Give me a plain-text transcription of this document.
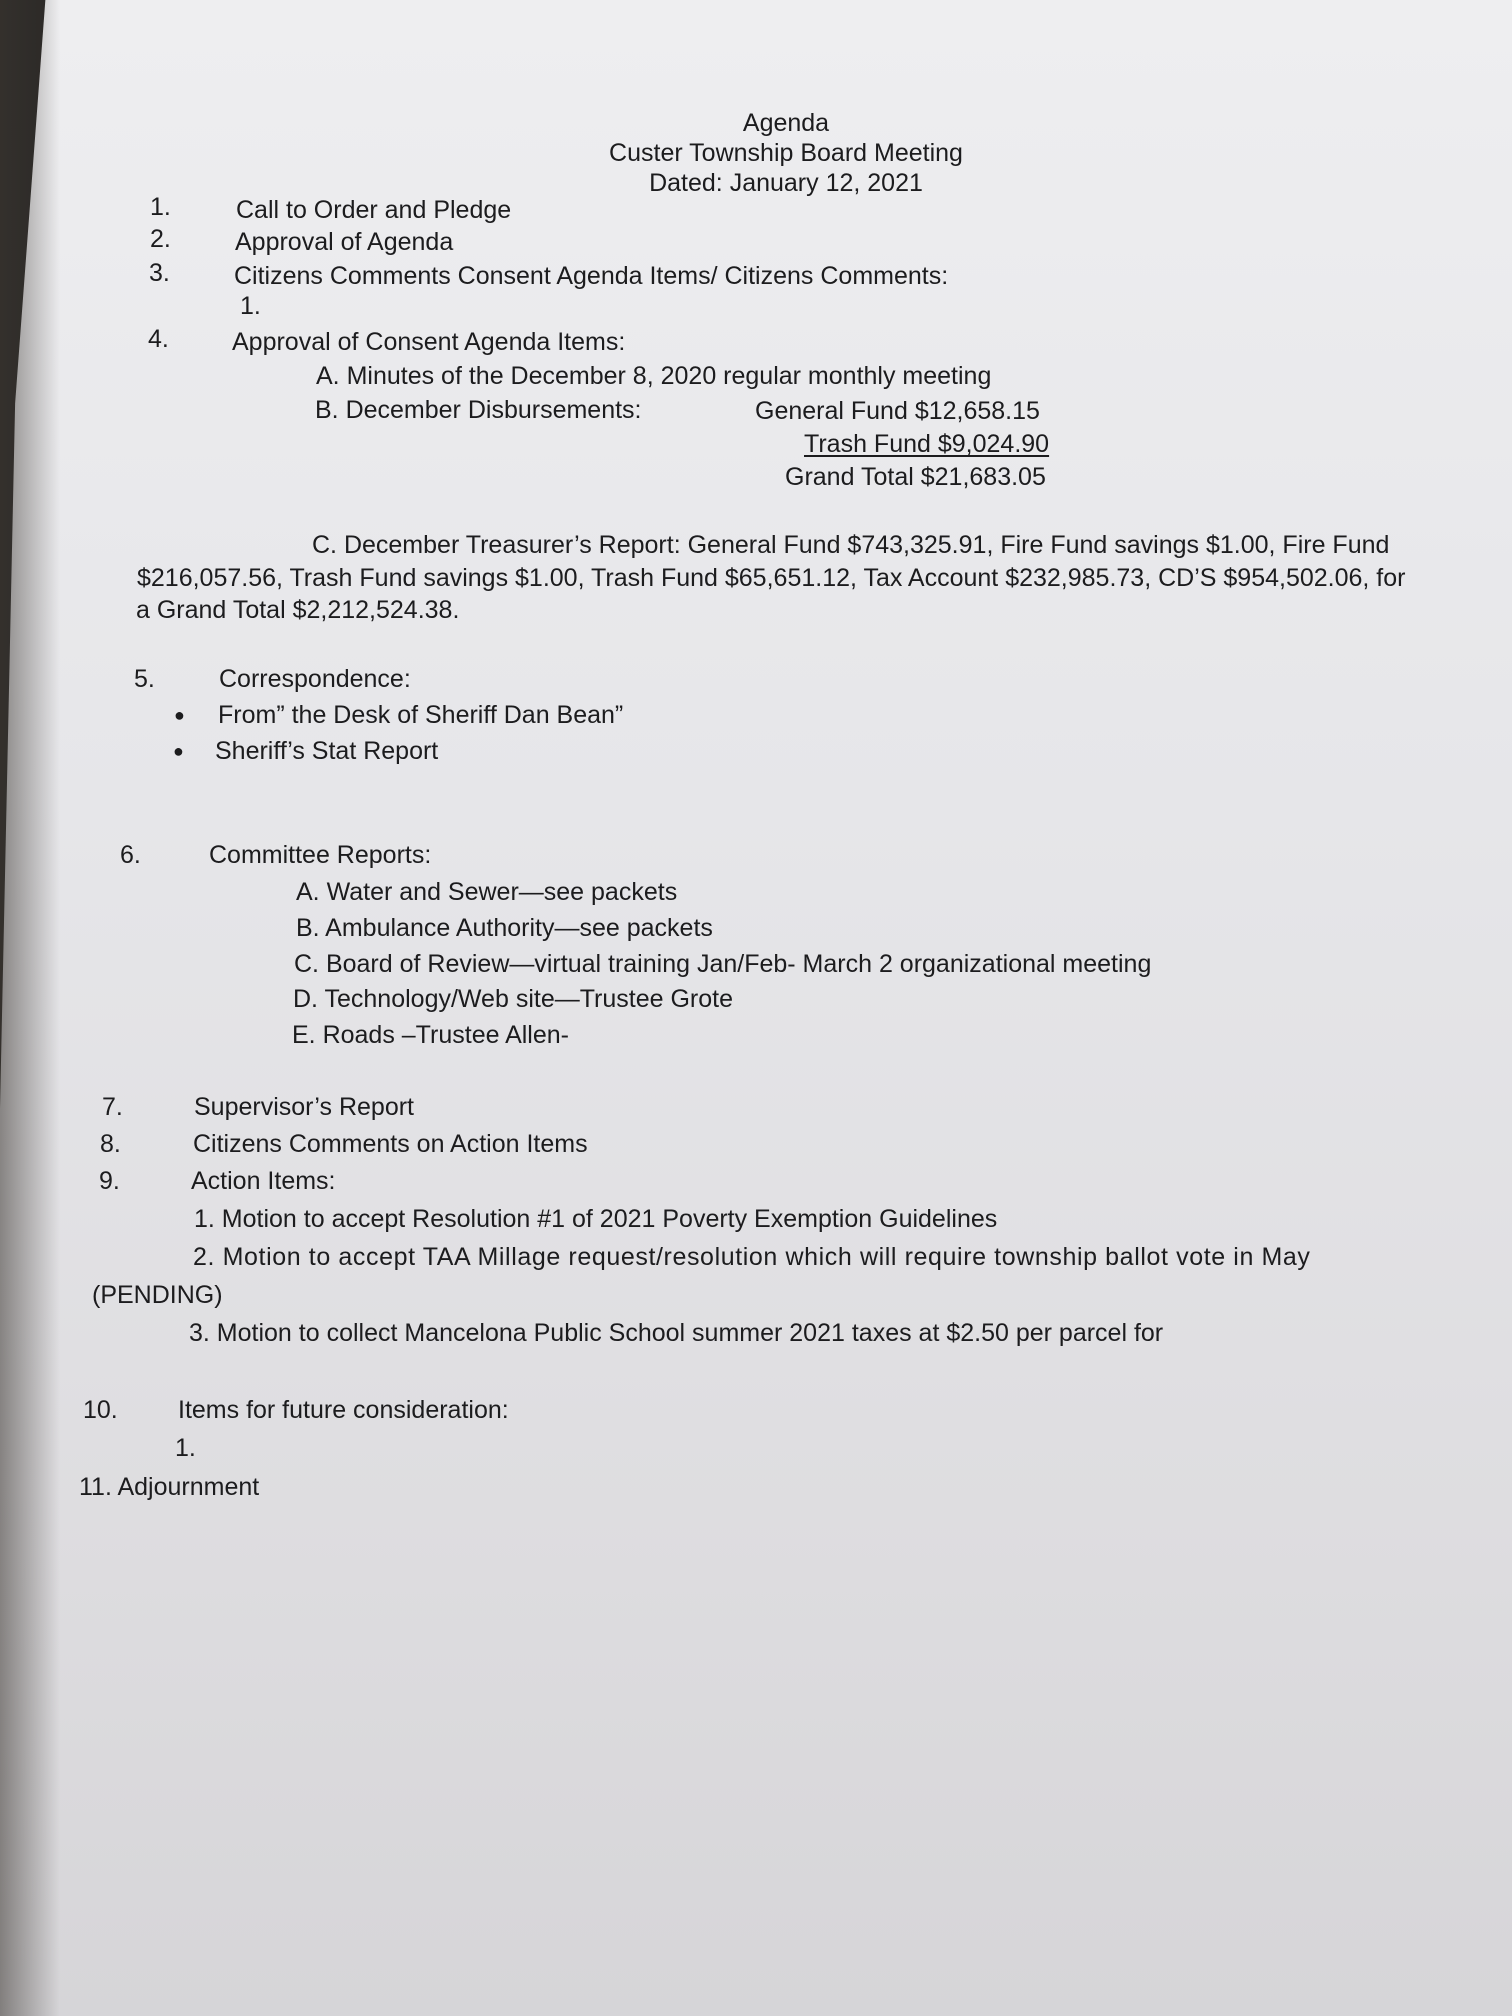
Agenda
Custer Township Board Meeting
Dated: January 12, 2021
1.	Call to Order and Pledge
2.	Approval of Agenda
3.	Citizens Comments Consent Agenda Items/ Citizens Comments:
1.
4.	Approval of Consent Agenda Items:
A. Minutes of the December 8, 2020 regular monthly meeting
B. December Disbursements:	General Fund $12,658.15
Trash Fund $9,024.90
Grand Total $21,683.05
C. December Treasurer’s Report: General Fund $743,325.91, Fire Fund savings $1.00, Fire Fund
$216,057.56, Trash Fund savings $1.00, Trash Fund $65,651.12, Tax Account $232,985.73, CD’S $954,502.06, for
a Grand Total $2,212,524.38.
5.	Correspondence:
● From” the Desk of Sheriff Dan Bean”
● Sheriff’s Stat Report
6.	Committee Reports:
A. Water and Sewer—see packets
B. Ambulance Authority—see packets
C. Board of Review—virtual training Jan/Feb- March 2 organizational meeting
D. Technology/Web site—Trustee Grote
E. Roads –Trustee Allen-
7.	Supervisor’s Report
8.	Citizens Comments on Action Items
9.	Action Items:
1. Motion to accept Resolution #1 of 2021 Poverty Exemption Guidelines
2. Motion to accept TAA Millage request/resolution which will require township ballot vote in May
(PENDING)
3. Motion to collect Mancelona Public School summer 2021 taxes at $2.50 per parcel for
10. Items for future consideration:
1.
11. Adjournment
